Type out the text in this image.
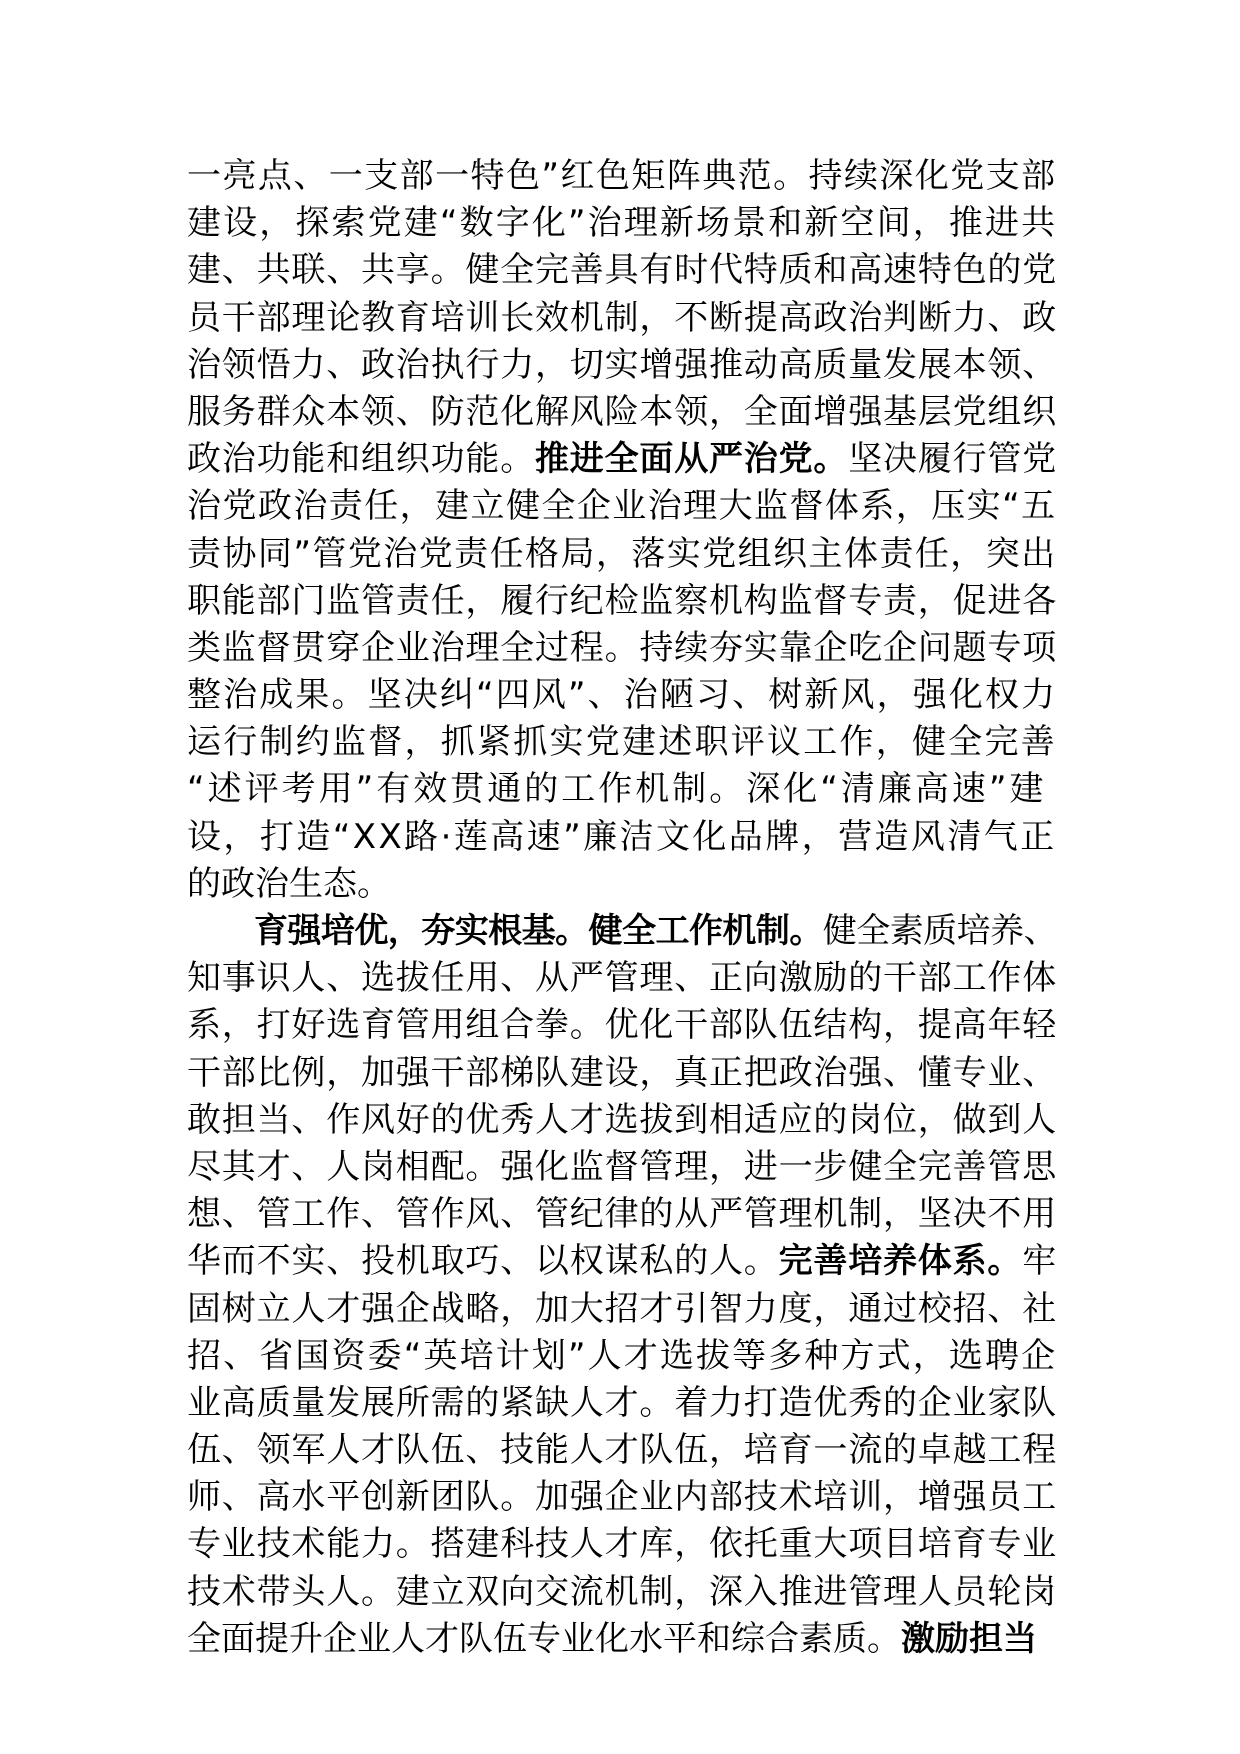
一亮点、一支部一特色”红色矩阵典范。持续深化党支部
建设，探索党建“数字化”治理新场景和新空间，推进共
建、共联、共享。健全完善具有时代特质和高速特色的党
员干部理论教育培训长效机制，不断提高政治判断力、政
治领悟力、政治执行力，切实增强推动高质量发展本领、
服务群众本领、防范化解风险本领，全面增强基层党组织
政治功能和组织功能。推进全面从严治党。坚决履行管党
治党政治责任，建立健全企业治理大监督体系，压实“五
责协同”管党治党责任格局，落实党组织主体责任，突出
职能部门监管责任，履行纪检监察机构监督专责，促进各
类监督贯穿企业治理全过程。持续夯实靠企吃企问题专项
整治成果。坚决纠“四风”、治陋习、树新风，强化权力
运行制约监督，抓紧抓实党建述职评议工作，健全完善
“述评考用”有效贯通的工作机制。深化“清廉高速”建
设，打造“XX路·莲高速”廉洁文化品牌，营造风清气正
的政治生态。
　　育强培优，夯实根基。健全工作机制。健全素质培养、
知事识人、选拔任用、从严管理、正向激励的干部工作体
系，打好选育管用组合拳。优化干部队伍结构，提高年轻
干部比例，加强干部梯队建设，真正把政治强、懂专业、
敢担当、作风好的优秀人才选拔到相适应的岗位，做到人
尽其才、人岗相配。强化监督管理，进一步健全完善管思
想、管工作、管作风、管纪律的从严管理机制，坚决不用
华而不实、投机取巧、以权谋私的人。完善培养体系。牢
固树立人才强企战略，加大招才引智力度，通过校招、社
招、省国资委“英培计划”人才选拔等多种方式，选聘企
业高质量发展所需的紧缺人才。着力打造优秀的企业家队
伍、领军人才队伍、技能人才队伍，培育一流的卓越工程
师、高水平创新团队。加强企业内部技术培训，增强员工
专业技术能力。搭建科技人才库，依托重大项目培育专业
技术带头人。建立双向交流机制，深入推进管理人员轮岗
全面提升企业人才队伍专业化水平和综合素质。激励担当
